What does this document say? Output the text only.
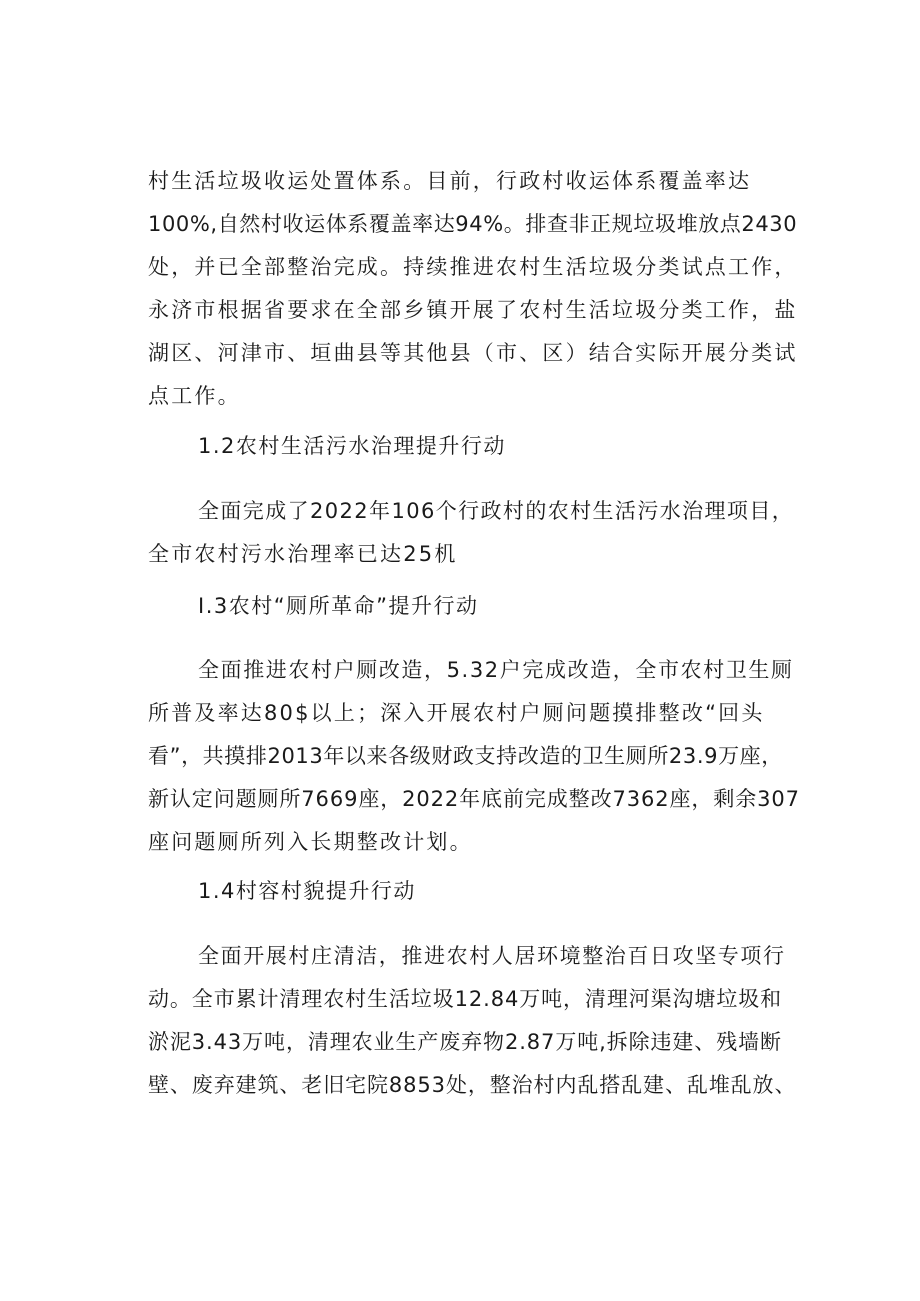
村生活垃圾收运处置体系。目前，行政村收运体系覆盖率达
100%,自然村收运体系覆盖率达94%。排查非正规垃圾堆放点2430
处，并已全部整治完成。持续推进农村生活垃圾分类试点工作，
永济市根据省要求在全部乡镇开展了农村生活垃圾分类工作，盐
湖区、河津市、垣曲县等其他县（市、区）结合实际开展分类试
点工作。
1.2农村生活污水治理提升行动
全面完成了2022年106个行政村的农村生活污水治理项目，
全市农村污水治理率已达25机
I.3农村“厕所革命”提升行动
全面推进农村户厕改造，5.32户完成改造，全市农村卫生厕
所普及率达80$以上；深入开展农村户厕问题摸排整改“回头
看”，共摸排2013年以来各级财政支持改造的卫生厕所23.9万座，
新认定问题厕所7669座，2022年底前完成整改7362座，剩余307
座问题厕所列入长期整改计划。
1.4村容村貌提升行动
全面开展村庄清洁，推进农村人居环境整治百日攻坚专项行
动。全市累计清理农村生活垃圾12.84万吨，清理河渠沟塘垃圾和
淤泥3.43万吨，清理农业生产废弃物2.87万吨,拆除违建、残墙断
壁、废弃建筑、老旧宅院8853处，整治村内乱搭乱建、乱堆乱放、
